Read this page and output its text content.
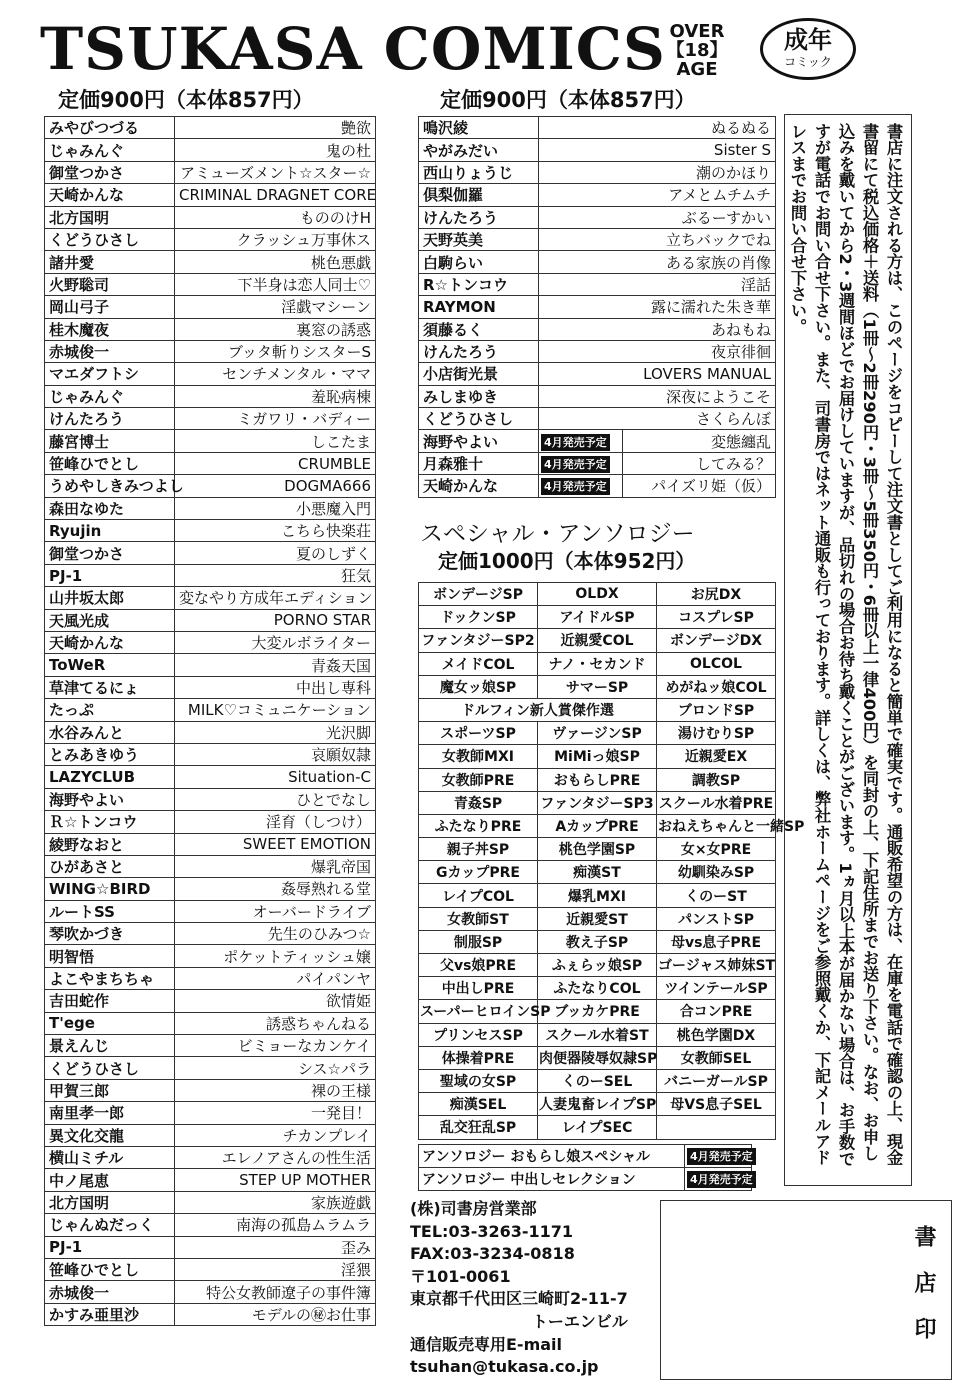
TSUKASA COMICS OVER
【18】
AGE
成年
コミック
定価900円（本体857円）	定価900円（本体857円）
みやびつづる	艶欲
じゃみんぐ	鬼の杜
御堂つかさ	アミューズメント☆スター☆
天崎かんな	CRIMINAL DRAGNET CORE
北方国明	もののけH
くどうひさし	クラッシュ万事休ス
諸井愛	桃色悪戯
火野聡司	下半身は恋人同士♡
岡山弓子	淫戯マシーン
桂木魔夜	裏窓の誘惑
赤城俊一	ブッタ斬りシスターS
マエダフトシ	センチメンタル・ママ
じゃみんぐ	羞恥病棟
けんたろう	ミガワリ・バディー
藤宮博士	しこたま
笹峰ひでとし	CRUMBLE
うめやしきみつよし	DOGMA666
森田なゆた	小悪魔入門
Ryujin	こちら快楽荘
御堂つかさ	夏のしずく
PJ-1	狂気
山井坂太郎	変なやり方成年エディション
天風光成	PORNO STAR
天崎かんな	大変ルボライター
ToWeR	青姦天国
草津てるにょ	中出し専科
たっぷ	MILK♡コミュニケーション
水谷みんと	光沢脚
とみあきゆう	哀願奴隷
LAZYCLUB	Situation-C
海野やよい	ひとでなし
Ｒ☆トンコウ	淫育（しつけ）
綾野なおと	SWEET EMOTION
ひがあさと	爆乳帝国
WING☆BIRD	姦辱熟れる堂
ルートSS	オーバードライブ
琴吹かづき	先生のひみつ☆
明智悟	ポケットティッシュ嬢
よこやまちちゃ	パイパンヤ
吉田蛇作	欲情姫
T'ege	誘惑ちゃんねる
景えんじ	ビミョーなカンケイ
くどうひさし	シス☆パラ
甲賀三郎	裸の王様
南里孝一郎	一発目！
異文化交龍	チカンプレイ
横山ミチル	エレノアさんの性生活
中ノ尾恵	STEP UP MOTHER
北方国明	家族遊戯
じゃんぬだっく	南海の孤島ムラムラ
PJ-1	歪み
笹峰ひでとし	淫猥
赤城俊一	特公女教師遼子の事件簿
かすみ亜里沙	モデルの㊙お仕事
鳴沢綾	ぬるぬる	
やがみだい	Sister S	
西山りょうじ	潮のかほり	
倶梨伽羅	アメとムチムチ	
けんたろう	ぶるーすかい	
天野英美	立ちバックでね	
白駒らい	ある家族の肖像	
R☆トンコウ	淫話	
RAYMON	露に濡れた朱き華	
須藤るく	あねもね	
けんたろう	夜京徘徊	
小店街光景	LOVERS MANUAL	
みしまゆき	深夜にようこそ	
くどうひさし	さくらんぼ	
海野やよい	4月発売予定	変態纏乱
月森雅十	4月発売予定	してみる？
天崎かんな	4月発売予定	パイズリ姫（仮）
スペシャル・アンソロジー
定価1000円（本体952円）
ボンデージSP	OLDX	お尻DX
ドックンSP	アイドルSP	コスプレSP
ファンタジーSP2	近親愛COL	ボンデージDX
メイドCOL	ナノ・セカンド	OLCOL
魔女ッ娘SP	サマーSP	めがねッ娘COL
ドルフィン新人賞傑作選		ブロンドSP
スポーツSP	ヴァージンSP	湯けむりSP
女教師MXI	MiMiっ娘SP	近親愛EX
女教師PRE	おもらしPRE	調教SP
青姦SP	ファンタジーSP3	スクール水着PRE
ふたなりPRE	AカップPRE	おねえちゃんと一緒SP
親子丼SP	桃色学園SP	女×女PRE
GカップPRE	痴漢ST	幼馴染みSP
レイプCOL	爆乳MXI	くのーST
女教師ST	近親愛ST	パンストSP
制服SP	教え子SP	母vs息子PRE
父vs娘PRE	ふぇらッ娘SP	ゴージャス姉妹ST
中出しPRE	ふたなりCOL	ツインテールSP
スーパーヒロインSP	ブッカケPRE	合コンPRE
プリンセスSP	スクール水着ST	桃色学園DX
体操着PRE	肉便器陵辱奴隷SP	女教師SEL
聖域の女SP	くのーSEL	バニーガールSP
痴漢SEL	人妻鬼畜レイプSP	母VS息子SEL
乱交狂乱SP	レイプSEC	
アンソロジー おもらし娘スペシャル	4月発売予定
アンソロジー 中出しセレクション	4月発売予定
(株)司書房営業部
TEL:03-3263-1171
FAX:03-3234-0818
〒101-0061
東京都千代田区三崎町2-11-7
トーエンビル
通信販売専用E-mail
tsuhan@tukasa.co.jp
書店印
書店に注文される方は、このページをコピーして注文書としてご利用になると簡単で確実です。通販希望の方は、在庫を電話で確認の上、現金書留にて税込価格＋送料（1冊～2冊290円・3冊～5冊350円・6冊以上一律400円）を同封の上、下記住所までお送り下さい。なお、お申し込みを戴いてから2・3週間ほどでお届けしていますが、品切れの場合お待ち戴くことがございます。1ヵ月以上本が届かない場合は、お手数ですが電話でお問い合せ下さい。また、司書房ではネット通販も行っております。詳しくは、弊社ホームページをご参照戴くか、下記メールアドレスまでお問い合せ下さい。
